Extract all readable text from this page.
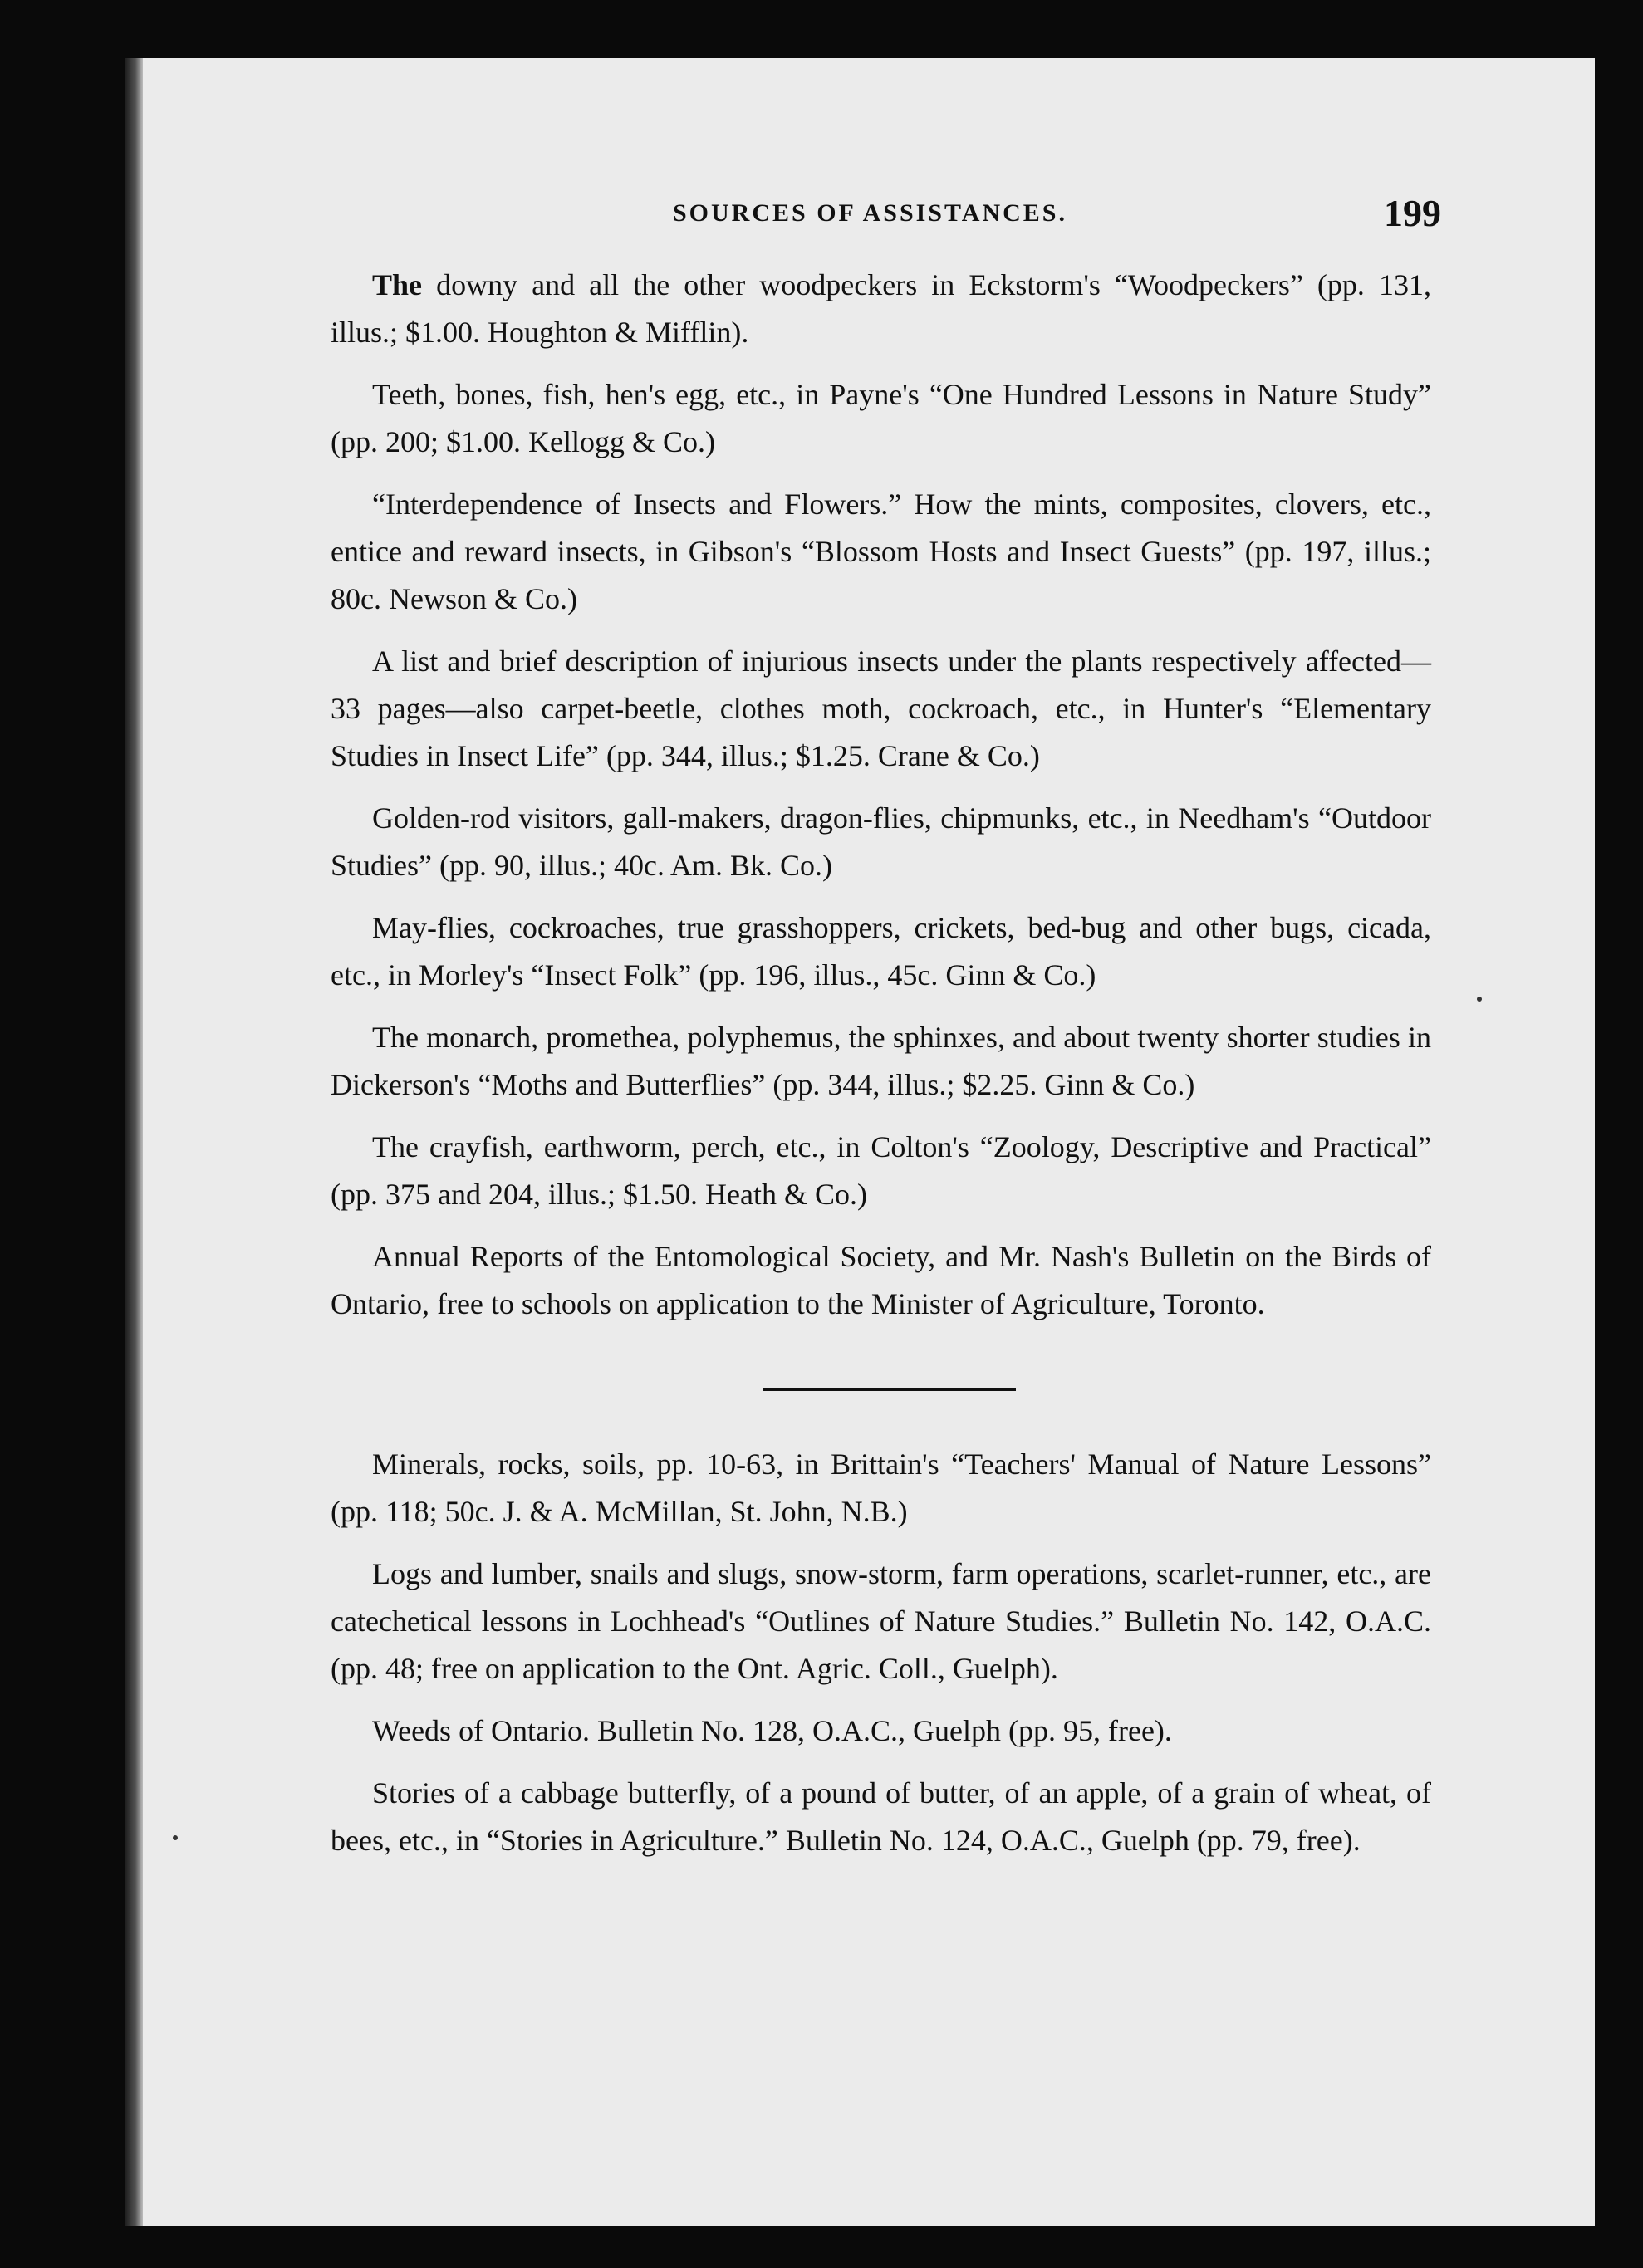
SOURCES OF ASSISTANCES.	199

The downy and all the other woodpeckers in Eckstorm's “Woodpeckers” (pp. 131, illus.; $1.00. Houghton & Mifflin).

Teeth, bones, fish, hen's egg, etc., in Payne's “One Hundred Lessons in Nature Study” (pp. 200; $1.00. Kellogg & Co.)

“Interdependence of Insects and Flowers.” How the mints, composites, clovers, etc., entice and reward insects, in Gibson's “Blossom Hosts and Insect Guests” (pp. 197, illus.; 80c. Newson & Co.)

A list and brief description of injurious insects under the plants respectively affected—33 pages—also carpet-beetle, clothes moth, cockroach, etc., in Hunter's “Elementary Studies in Insect Life” (pp. 344, illus.; $1.25. Crane & Co.)

Golden-rod visitors, gall-makers, dragon-flies, chipmunks, etc., in Needham's “Outdoor Studies” (pp. 90, illus.; 40c. Am. Bk. Co.)

May-flies, cockroaches, true grasshoppers, crickets, bed-bug and other bugs, cicada, etc., in Morley's “Insect Folk” (pp. 196, illus., 45c. Ginn & Co.)

The monarch, promethea, polyphemus, the sphinxes, and about twenty shorter studies in Dickerson's “Moths and Butterflies” (pp. 344, illus.; $2.25. Ginn & Co.)

The crayfish, earthworm, perch, etc., in Colton's “Zoology, Descriptive and Practical” (pp. 375 and 204, illus.; $1.50. Heath & Co.)

Annual Reports of the Entomological Society, and Mr. Nash's Bulletin on the Birds of Ontario, free to schools on application to the Minister of Agriculture, Toronto.

Minerals, rocks, soils, pp. 10-63, in Brittain's “Teachers' Manual of Nature Lessons” (pp. 118; 50c. J. & A. McMillan, St. John, N.B.)

Logs and lumber, snails and slugs, snow-storm, farm operations, scarlet-runner, etc., are catechetical lessons in Lochhead's “Outlines of Nature Studies.” Bulletin No. 142, O.A.C. (pp. 48; free on application to the Ont. Agric. Coll., Guelph).

Weeds of Ontario. Bulletin No. 128, O.A.C., Guelph (pp. 95, free).

Stories of a cabbage butterfly, of a pound of butter, of an apple, of a grain of wheat, of bees, etc., in “Stories in Agriculture.” Bulletin No. 124, O.A.C., Guelph (pp. 79, free).
